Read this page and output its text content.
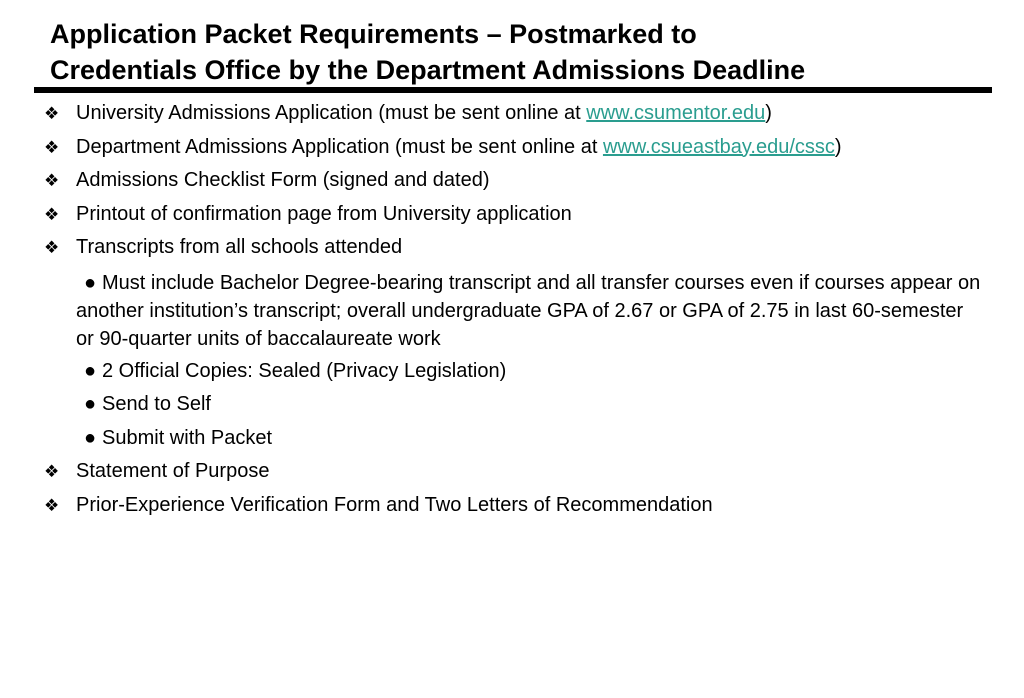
Application Packet Requirements – Postmarked to
Credentials Office by the Department Admissions Deadline
❖ University Admissions Application (must be sent online at www.csumentor.edu)
❖ Department Admissions Application (must be sent online at www.csueastbay.edu/cssc)
❖ Admissions Checklist Form (signed and dated)
❖ Printout of confirmation page from University application
❖ Transcripts from all schools attended
● Must include Bachelor Degree-bearing transcript and all transfer courses even if courses appear on another institution’s transcript; overall undergraduate GPA of 2.67 or GPA of 2.75 in last 60-semester or 90-quarter units of baccalaureate work
● 2 Official Copies: Sealed (Privacy Legislation)
● Send to Self
● Submit with Packet
❖ Statement of Purpose
❖ Prior-Experience Verification Form and Two Letters of Recommendation
